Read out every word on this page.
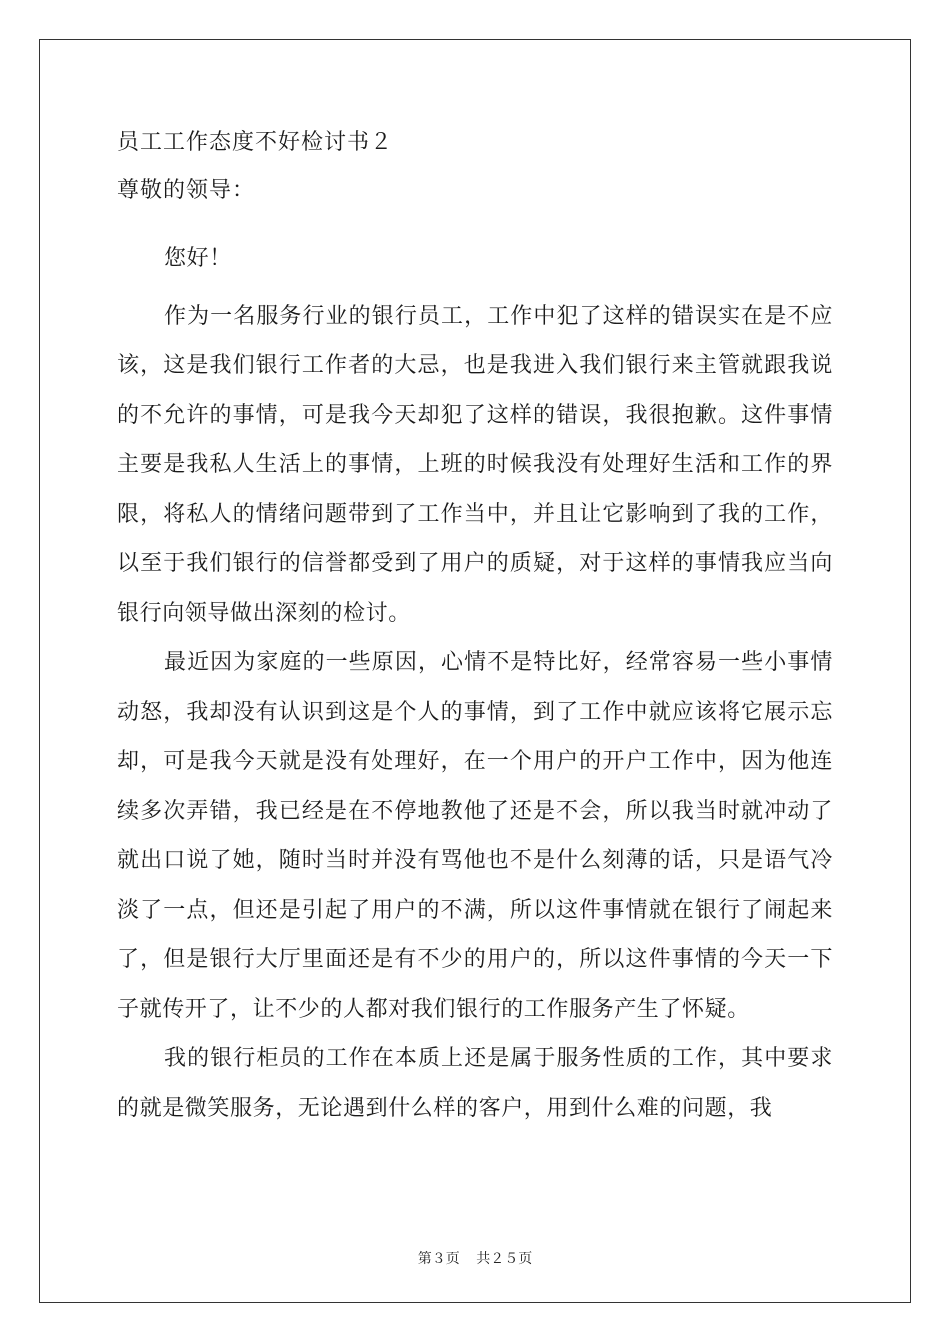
员工工作态度不好检讨书２

尊敬的领导：

您好！

作为一名服务行业的银行员工，工作中犯了这样的错误实在是不应该，这是我们银行工作者的大忌，也是我进入我们银行来主管就跟我说的不允许的事情，可是我今天却犯了这样的错误，我很抱歉。这件事情主要是我私人生活上的事情，上班的时候我没有处理好生活和工作的界限，将私人的情绪问题带到了工作当中，并且让它影响到了我的工作，以至于我们银行的信誉都受到了用户的质疑，对于这样的事情我应当向银行向领导做出深刻的检讨。

最近因为家庭的一些原因，心情不是特比好，经常容易一些小事情动怒，我却没有认识到这是个人的事情，到了工作中就应该将它展示忘却，可是我今天就是没有处理好，在一个用户的开户工作中，因为他连续多次弄错，我已经是在不停地教他了还是不会，所以我当时就冲动了就出口说了她，随时当时并没有骂他也不是什么刻薄的话，只是语气冷淡了一点，但还是引起了用户的不满，所以这件事情就在银行了闹起来了，但是银行大厅里面还是有不少的用户的，所以这件事情的今天一下子就传开了，让不少的人都对我们银行的工作服务产生了怀疑。

我的银行柜员的工作在本质上还是属于服务性质的工作，其中要求的就是微笑服务，无论遇到什么样的客户，用到什么难的问题，我

第３页 共２５页
